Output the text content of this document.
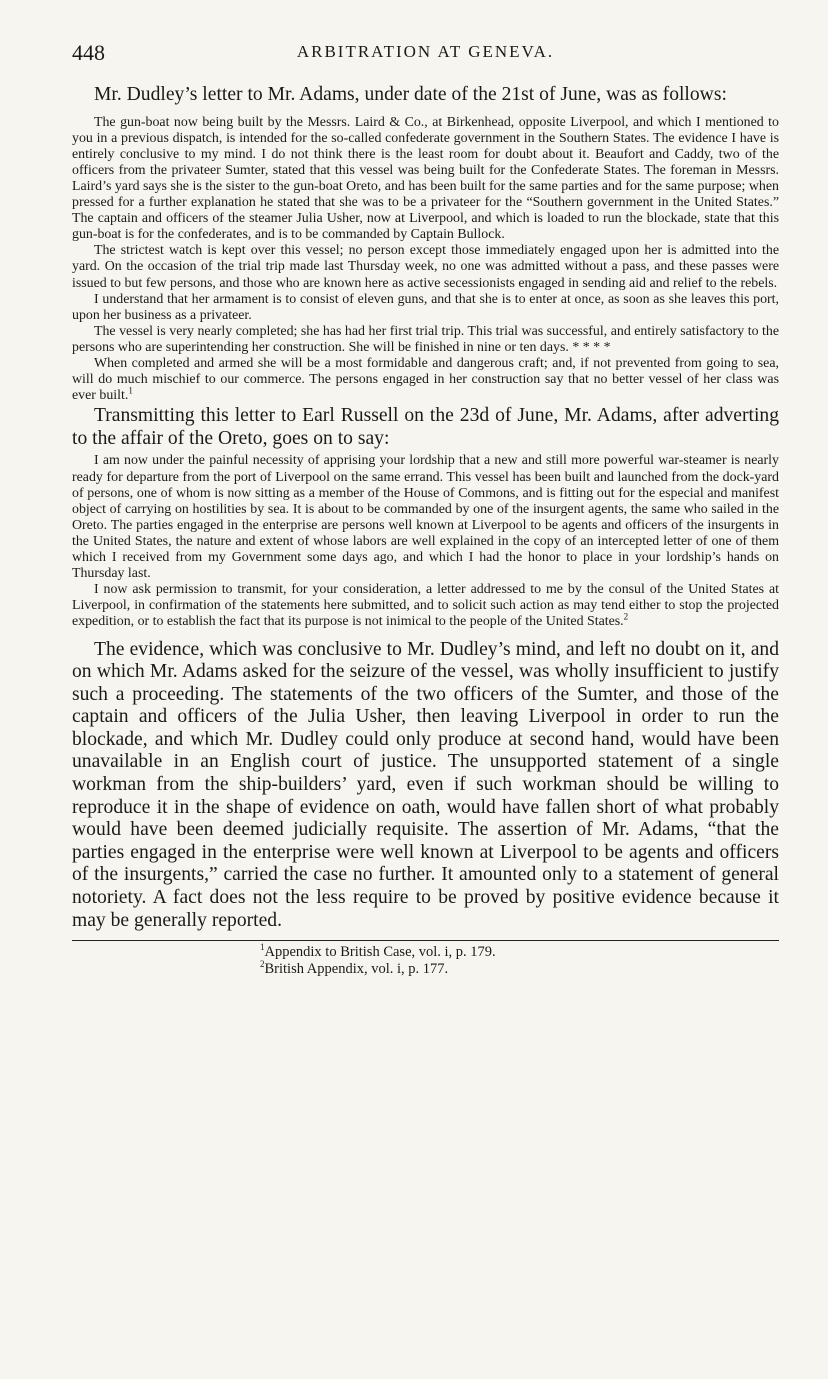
448	ARBITRATION AT GENEVA.

Mr. Dudley’s letter to Mr. Adams, under date of the 21st of June, was as follows:

The gun-boat now being built by the Messrs. Laird & Co., at Birkenhead, opposite Liverpool, and which I mentioned to you in a previous dispatch, is intended for the so-called confederate government in the Southern States. The evidence I have is entirely conclusive to my mind. I do not think there is the least room for doubt about it. Beaufort and Caddy, two of the officers from the privateer Sumter, stated that this vessel was being built for the Confederate States. The foreman in Messrs. Laird’s yard says she is the sister to the gun-boat Oreto, and has been built for the same parties and for the same purpose; when pressed for a further explanation he stated that she was to be a privateer for the “Southern government in the United States.” The captain and officers of the steamer Julia Usher, now at Liverpool, and which is loaded to run the blockade, state that this gun-boat is for the confederates, and is to be commanded by Captain Bullock.

The strictest watch is kept over this vessel; no person except those immediately engaged upon her is admitted into the yard. On the occasion of the trial trip made last Thursday week, no one was admitted without a pass, and these passes were issued to but few persons, and those who are known here as active secessionists engaged in sending aid and relief to the rebels.

I understand that her armament is to consist of eleven guns, and that she is to enter at once, as soon as she leaves this port, upon her business as a privateer.

The vessel is very nearly completed; she has had her first trial trip. This trial was successful, and entirely satisfactory to the persons who are superintending her construction. She will be finished in nine or ten days. * * * *

When completed and armed she will be a most formidable and dangerous craft; and, if not prevented from going to sea, will do much mischief to our commerce. The persons engaged in her construction say that no better vessel of her class was ever built.$^1$

Transmitting this letter to Earl Russell on the 23d of June, Mr. Adams, after adverting to the affair of the Oreto, goes on to say:

I am now under the painful necessity of apprising your lordship that a new and still more powerful war-steamer is nearly ready for departure from the port of Liverpool on the same errand. This vessel has been built and launched from the dock-yard of persons, one of whom is now sitting as a member of the House of Commons, and is fitting out for the especial and manifest object of carrying on hostilities by sea. It is about to be commanded by one of the insurgent agents, the same who sailed in the Oreto. The parties engaged in the enterprise are persons well known at Liverpool to be agents and officers of the insurgents in the United States, the nature and extent of whose labors are well explained in the copy of an intercepted letter of one of them which I received from my Government some days ago, and which I had the honor to place in your lordship’s hands on Thursday last.

I now ask permission to transmit, for your consideration, a letter addressed to me by the consul of the United States at Liverpool, in confirmation of the statements here submitted, and to solicit such action as may tend either to stop the projected expedition, or to establish the fact that its purpose is not inimical to the people of the United States.$^2$

The evidence, which was conclusive to Mr. Dudley’s mind, and left no doubt on it, and on which Mr. Adams asked for the seizure of the vessel, was wholly insufficient to justify such a proceeding. The statements of the two officers of the Sumter, and those of the captain and officers of the Julia Usher, then leaving Liverpool in order to run the blockade, and which Mr. Dudley could only produce at second hand, would have been unavailable in an English court of justice. The unsupported statement of a single workman from the ship-builders’ yard, even if such workman should be willing to reproduce it in the shape of evidence on oath, would have fallen short of what probably would have been deemed judicially requisite. The assertion of Mr. Adams, “that the parties engaged in the enterprise were well known at Liverpool to be agents and officers of the insurgents,” carried the case no further. It amounted only to a statement of general notoriety. A fact does not the less require to be proved by positive evidence because it may be generally reported.

$^1$Appendix to British Case, vol. i, p. 179.
$^2$British Appendix, vol. i, p. 177.
